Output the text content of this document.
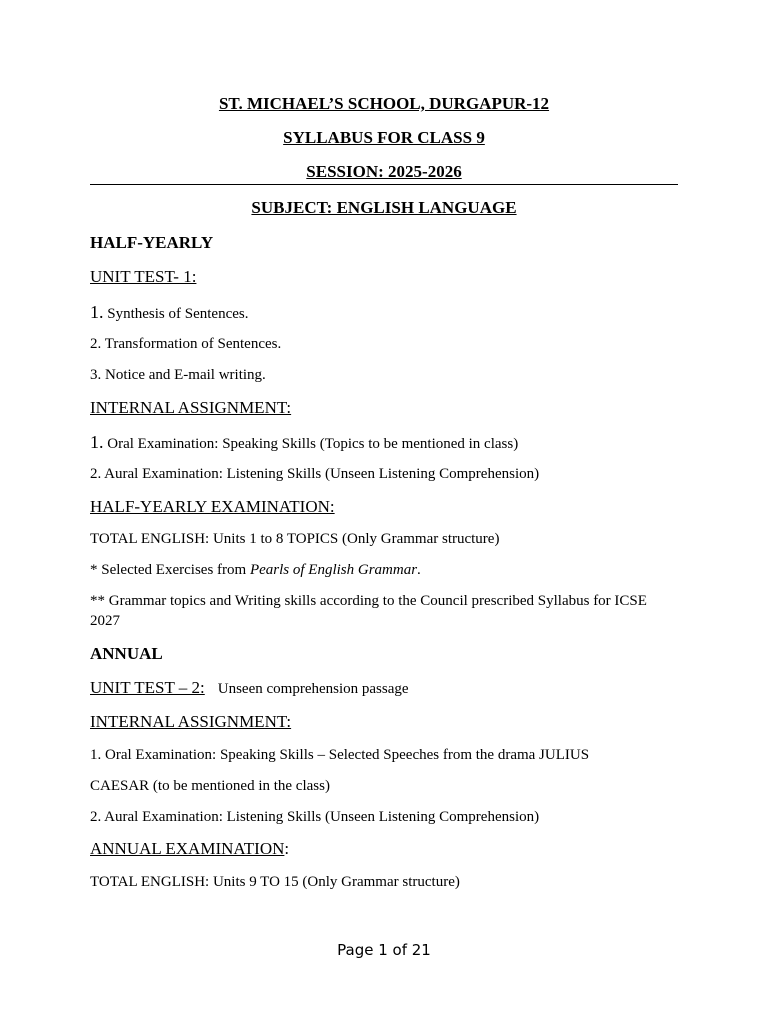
ST. MICHAEL’S SCHOOL, DURGAPUR-12
SYLLABUS FOR CLASS 9
SESSION: 2025-2026
SUBJECT: ENGLISH LANGUAGE
HALF-YEARLY
UNIT TEST- 1:
1. Synthesis of Sentences.
2. Transformation of Sentences.
3. Notice and E-mail writing.
INTERNAL ASSIGNMENT:
1. Oral Examination: Speaking Skills (Topics to be mentioned in class)
2. Aural Examination: Listening Skills (Unseen Listening Comprehension)
HALF-YEARLY EXAMINATION:
TOTAL ENGLISH: Units 1 to 8 TOPICS (Only Grammar structure)
* Selected Exercises from Pearls of English Grammar.
** Grammar topics and Writing skills according to the Council prescribed Syllabus for ICSE 2027
ANNUAL
UNIT TEST – 2: Unseen comprehension passage
INTERNAL ASSIGNMENT:
1. Oral Examination: Speaking Skills – Selected Speeches from the drama JULIUS
CAESAR (to be mentioned in the class)
2. Aural Examination: Listening Skills (Unseen Listening Comprehension)
ANNUAL EXAMINATION:
TOTAL ENGLISH: Units 9 TO 15 (Only Grammar structure)
Page 1 of 21
